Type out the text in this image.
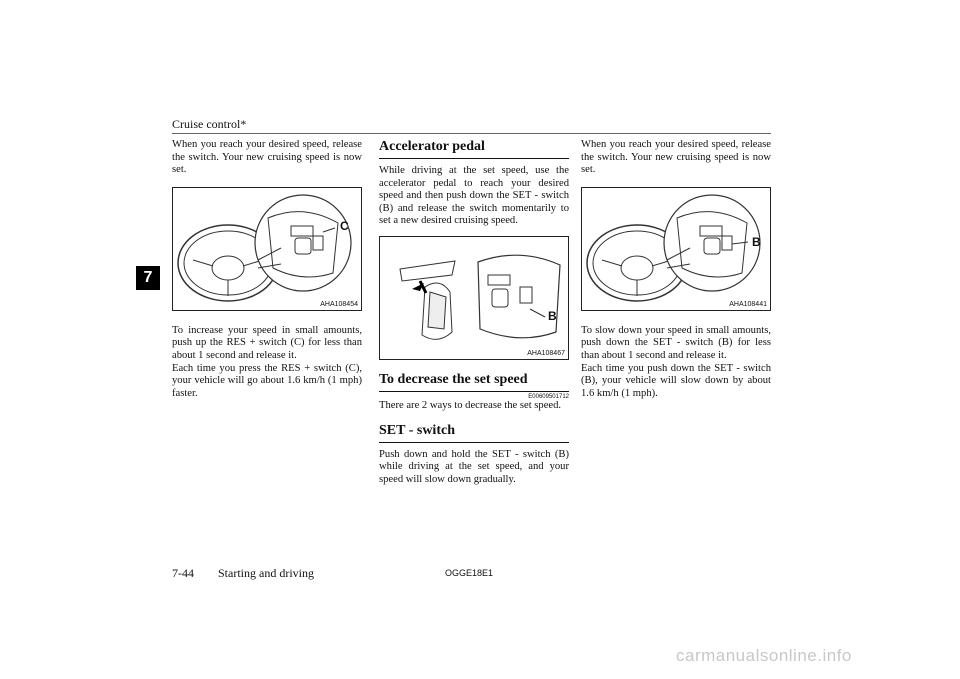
Cruise control*
7

When you reach your desired speed, release the switch. Your new cruising speed is now set.

C
AHA108454

To increase your speed in small amounts, push up the RES + switch (C) for less than about 1 second and release it.

Each time you press the RES + switch (C), your vehicle will go about 1.6 km/h (1 mph) faster.

Accelerator pedal

While driving at the set speed, use the accelerator pedal to reach your desired speed and then push down the SET - switch (B) and release the switch momentarily to set a new desired cruising speed.

B
AHA108467
To decrease the set speed
E00609501712

There are 2 ways to decrease the set speed.

SET - switch

Push down and hold the SET - switch (B) while driving at the set speed, and your speed will slow down gradually.

When you reach your desired speed, release the switch. Your new cruising speed is now set.

B
AHA108441

To slow down your speed in small amounts, push down the SET - switch (B) for less than about 1 second and release it.

Each time you push down the SET - switch (B), your vehicle will slow down by about 1.6 km/h (1 mph).

7-44 Starting and driving	OGGE18E1
carmanualsonline.info
